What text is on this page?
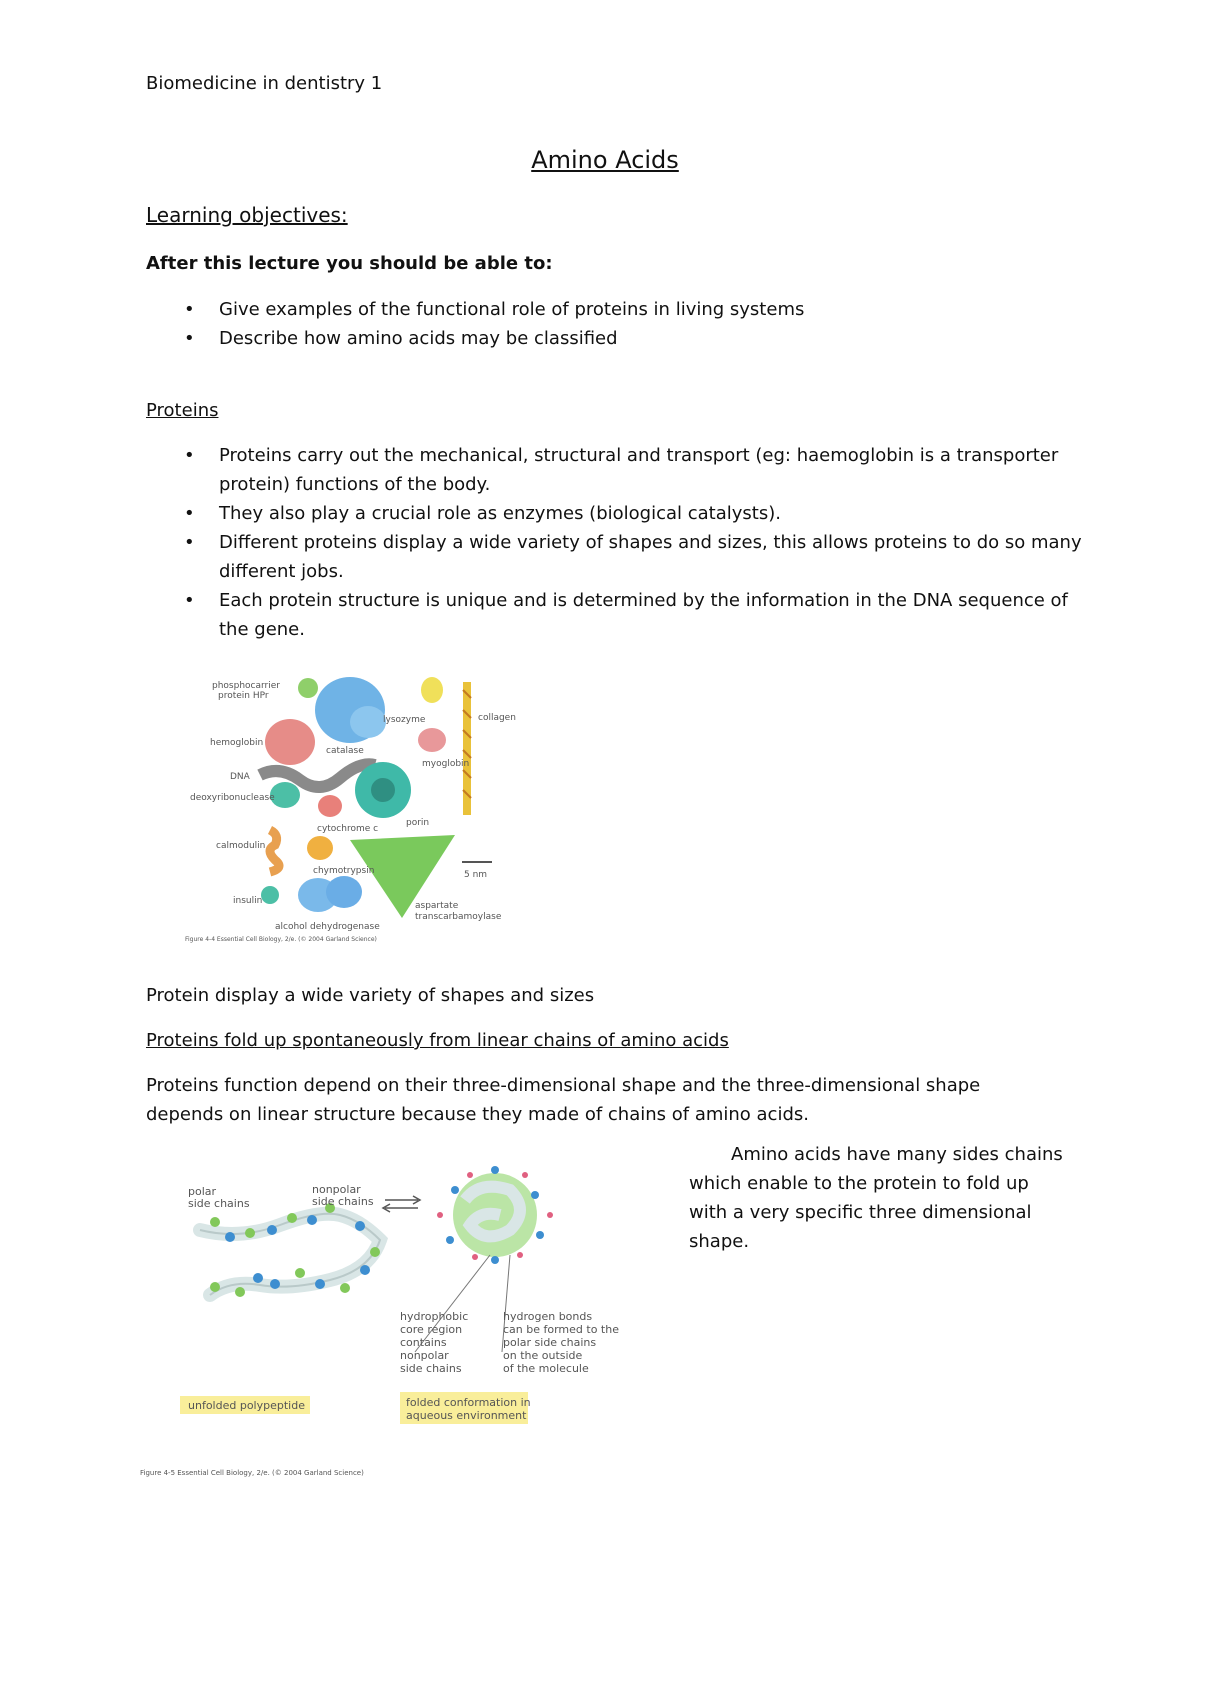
Biomedicine in dentistry 1
Amino Acids
Learning objectives:
After this lecture you should be able to:
• Give examples of the functional role of proteins in living systems
• Describe how amino acids may be classified
Proteins
• Proteins carry out the mechanical, structural and transport (eg: haemoglobin is a transporter protein) functions of the body.
• They also play a crucial role as enzymes (biological catalysts).
• Different proteins display a wide variety of shapes and sizes, this allows proteins to do so many different jobs.
• Each protein structure is unique and is determined by the information in the DNA sequence of the gene.
phosphocarrier
protein HPr
lysozyme	collagen
hemoglobin
catalase
myoglobin
DNA
deoxyribonuclease
porin
cytochrome c
calmodulin
chymotrypsin	5 nm
insulin	aspartate
transcarbamoylase
alcohol dehydrogenase
Figure 4-4 Essential Cell Biology, 2/e. (© 2004 Garland Science)
Protein display a wide variety of shapes and sizes
Proteins fold up spontaneously from linear chains of amino acids
Proteins function depend on their three-dimensional shape and the three-dimensional shape
depends on linear structure because they made of chains of amino acids.
polar
side chains
nonpolar
side chains
hydrophobic
core region
contains
nonpolar
side chains
hydrogen bonds
can be formed to the
polar side chains
on the outside
of the molecule
unfolded polypeptide	folded conformation in
aqueous environment
Figure 4-5 Essential Cell Biology, 2/e. (© 2004 Garland Science)
Amino acids have many sides chains
which enable to the protein to fold up
with a very specific three dimensional
shape.
